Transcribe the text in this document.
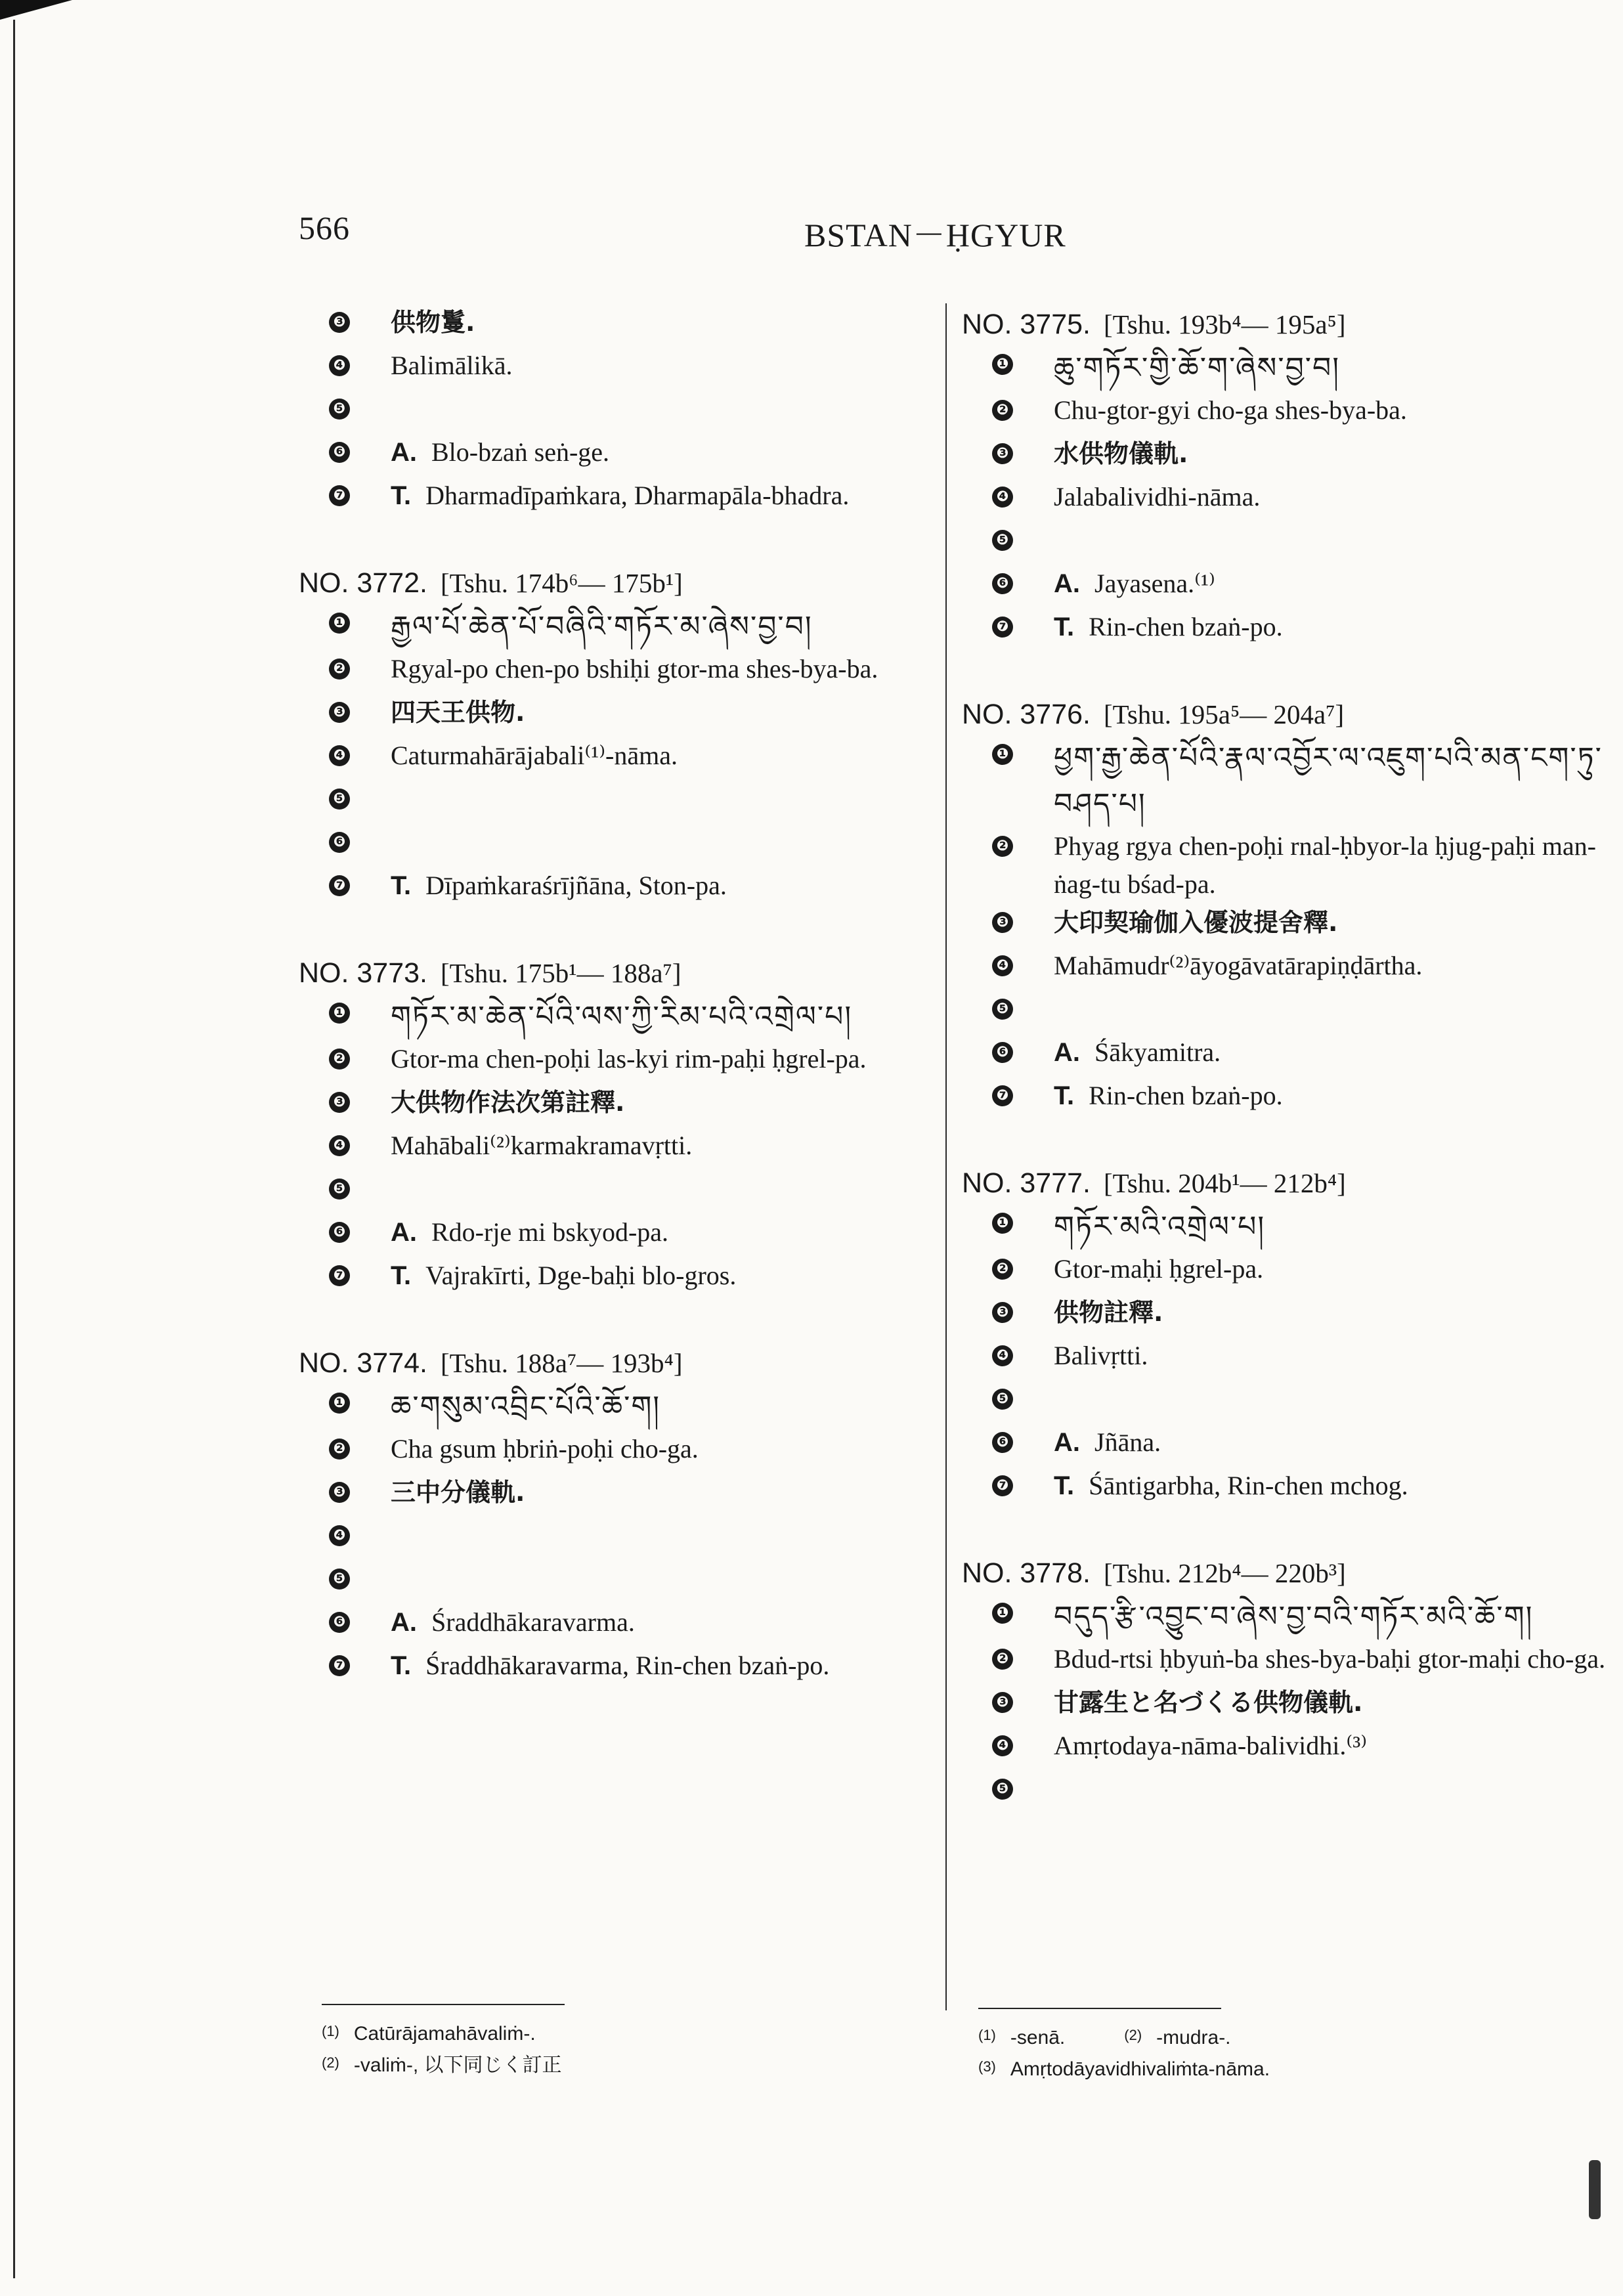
566	BSTAN－ḤGYUR
❸ 供物鬘.
❹ Balimālikā.
❺
❻ A. Blo-bzaṅ seṅ-ge.
❼ T. Dharmadīpaṁkara, Dharmapāla-bhadra.
NO. 3772. [Tshu. 174b⁶— 175b¹]
❶ རྒྱལ་པོ་ཆེན་པོ་བཞིའི་གཏོར་མ་ཞེས་བྱ་བ།
❷ Rgyal-po chen-po bshiḥi gtor-ma shes-bya-ba.
❸ 四天王供物.
❹ Caturmahārājabali⁽¹⁾-nāma.
❺
❻
❼ T. Dīpaṁkaraśrījñāna, Ston-pa.
NO. 3773. [Tshu. 175b¹— 188a⁷]
❶ གཏོར་མ་ཆེན་པོའི་ལས་ཀྱི་རིམ་པའི་འགྲེལ་པ།
❷ Gtor-ma chen-poḥi las-kyi rim-paḥi ḥgrel-pa.
❸ 大供物作法次第註釋.
❹ Mahābali⁽²⁾karmakramavṛtti.
❺
❻ A. Rdo-rje mi bskyod-pa.
❼ T. Vajrakīrti, Dge-baḥi blo-gros.
NO. 3774. [Tshu. 188a⁷— 193b⁴]
❶ ཆ་གསུམ་འབྲིང་པོའི་ཆོ་ག།
❷ Cha gsum ḥbriṅ-poḥi cho-ga.
❸ 三中分儀軌.
❹
❺
❻ A. Śraddhākaravarma.
❼ T. Śraddhākaravarma, Rin-chen bzaṅ-po.
NO. 3775. [Tshu. 193b⁴— 195a⁵]
❶ ཆུ་གཏོར་གྱི་ཆོ་ག་ཞེས་བྱ་བ།
❷ Chu-gtor-gyi cho-ga shes-bya-ba.
❸ 水供物儀軌.
❹ Jalabalividhi-nāma.
❺
❻ A. Jayasena.⁽¹⁾
❼ T. Rin-chen bzaṅ-po.
NO. 3776. [Tshu. 195a⁵— 204a⁷]
❶ ཕྱག་རྒྱ་ཆེན་པོའི་རྣལ་འབྱོར་ལ་འཇུག་པའི་མན་ངག་ཏུ་བཤད་པ།
❷ Phyag rgya chen-poḥi rnal-ḥbyor-la ḥjug-paḥi man-ṅag-tu bśad-pa.
❸ 大印契瑜伽入優波提舍釋.
❹ Mahāmudr⁽²⁾āyogāvatārapiṇḍārtha.
❺
❻ A. Śākyamitra.
❼ T. Rin-chen bzaṅ-po.
NO. 3777. [Tshu. 204b¹— 212b⁴]
❶ གཏོར་མའི་འགྲེལ་པ།
❷ Gtor-maḥi ḥgrel-pa.
❸ 供物註釋.
❹ Balivṛtti.
❺
❻ A. Jñāna.
❼ T. Śāntigarbha, Rin-chen mchog.
NO. 3778. [Tshu. 212b⁴— 220b³]
❶ བདུད་རྩི་འབྱུང་བ་ཞེས་བྱ་བའི་གཏོར་མའི་ཆོ་ག།
❷ Bdud-rtsi ḥbyuṅ-ba shes-bya-baḥi gtor-maḥi cho-ga.
❸ 甘露生と名づくる供物儀軌.
❹ Amṛtodaya-nāma-balividhi.⁽³⁾
❺
$^{(1)}$ Catūrājamahāvaliṁ-.
$^{(2)}$ -valiṁ-, 以下同じく訂正
$^{(1)}$ -senā.	$^{(2)}$ -mudra-.
$^{(3)}$ Amṛtodāyavidhivaliṁta-nāma.
